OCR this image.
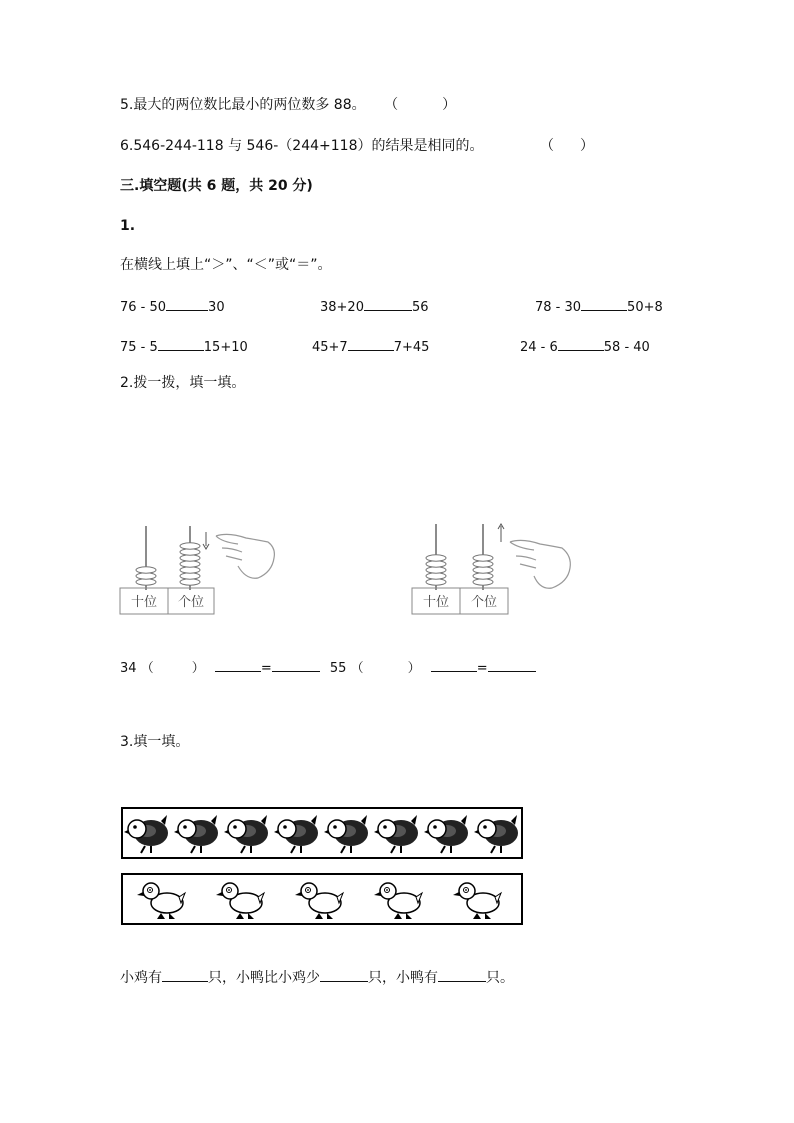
5.最大的两位数比最小的两位数多 88。 （	）
6.546-244-118 与 546-（244+118）的结果是相同的。	（ ）
三.填空题(共 6 题，共 20 分)
1.
在横线上填上“＞”、“＜”或“＝”。
76 - 50	30	38+20	56	78 - 30	50+8
75 - 5	15+10	45+7	7+45	24 - 6	58 - 40
2.拨一拨，填一填。
十位 个位	十位 个位
34 （	）	=	55 （	）	=
3.填一填。
小鸡有	只，小鸭比小鸡少	只，小鸭有	只。
